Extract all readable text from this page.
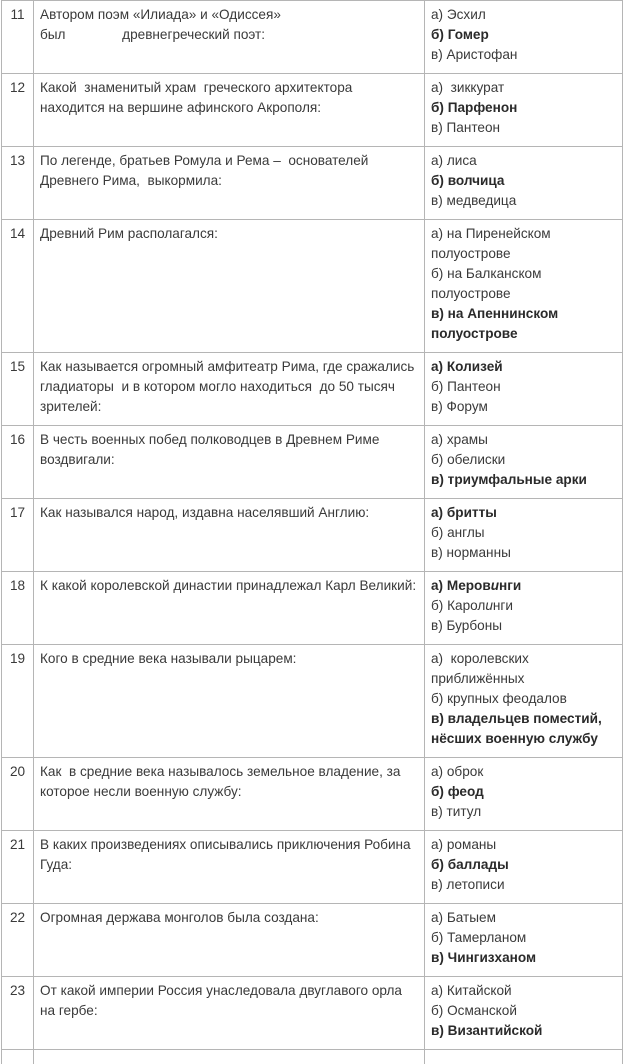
11	Автором поэм «Илиада» и «Одиссея» был               древнегреческий поэт:	а) Эсхил
б) Гомер
в) Аристофан

12	Какой  знаменитый храм  греческого архитектора находится на вершине афинского Акрополя:	а)  зиккурат
б) Парфенон
в) Пантеон

13	По легенде, братьев Ромула и Рема –  основателей Древнего Рима,  выкормила:	а) лиса
б) волчица
в) медведица

14	Древний Рим располагался:	а) на Пиренейском полуострове
б) на Балканском полуострове
в) на Апеннинском полуострове

15	Как называется огромный амфитеатр Рима, где сражались гладиаторы  и в котором могло находиться  до 50 тысяч зрителей:	а) Колизей
б) Пантеон
в) Форум

16	В честь военных побед полководцев в Древнем Риме воздвигали:	а) храмы
б) обелиски
в) триумфальные арки

17	Как назывался народ, издавна населявший Англию:	а) бритты
б) англы
в) норманны

18	К какой королевской династии принадлежал Карл Великий:	а) Меровинги
б) Каролинги
в) Бурбоны

19	Кого в средние века называли рыцарем:	а)  королевских приближённых
б) крупных феодалов
в) владельцев поместий, нёсших военную службу

20	Как  в средние века называлось земельное владение, за которое несли военную службу:	а) оброк
б) феод
в) титул

21	В каких произведениях описывались приключения Робина Гуда:	а) романы
б) баллады
в) летописи

22	Огромная держава монголов была создана:	а) Батыем
б) Тамерланом
в) Чингизханом

23	От какой империи Россия унаследовала двуглавого орла на гербе:	а) Китайской
б) Османской
в) Византийской
